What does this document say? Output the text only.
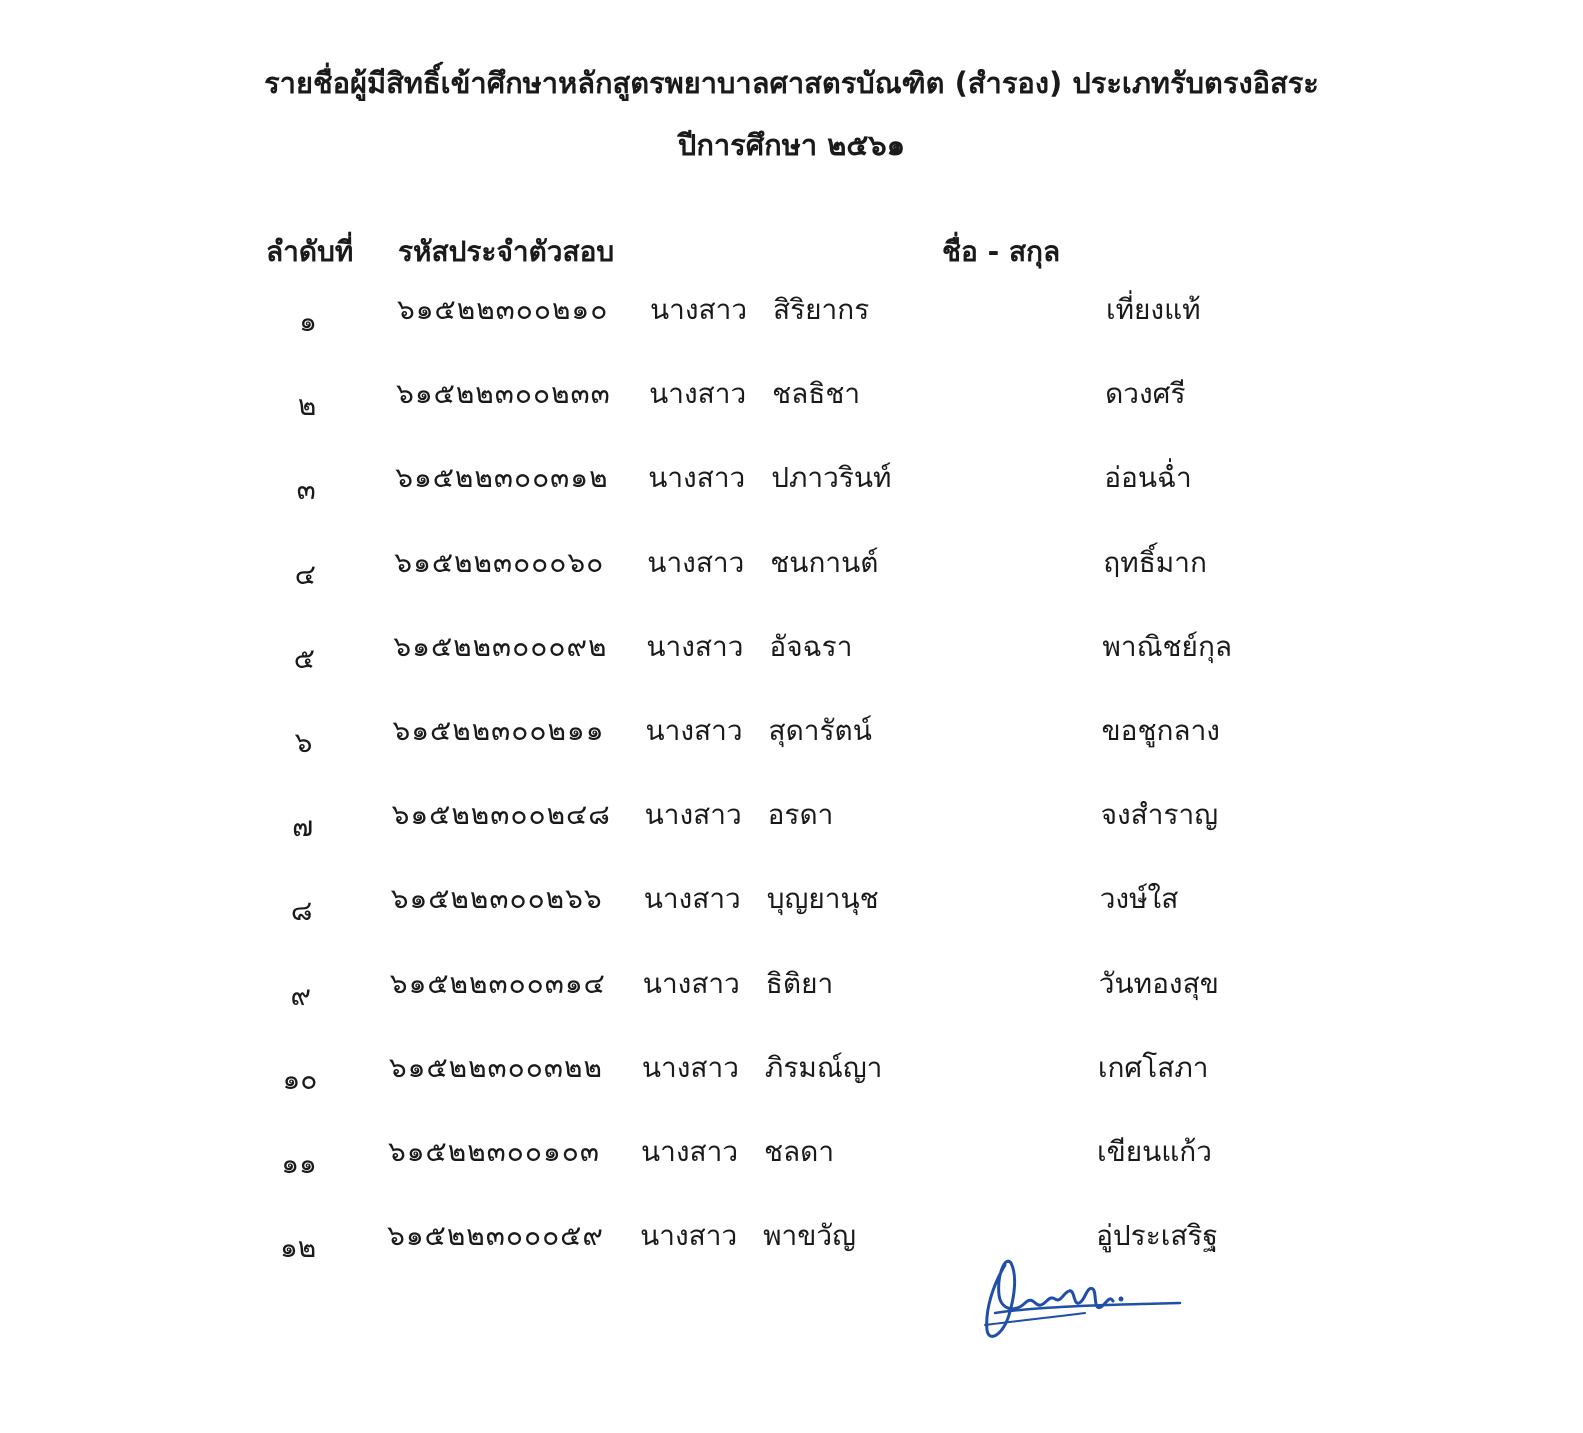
รายชื่อผู้มีสิทธิ์เข้าศึกษาหลักสูตรพยาบาลศาสตรบัณฑิต (สำรอง) ประเภทรับตรงอิสระ
ปีการศึกษา ๒๕๖๑
ลำดับที่ รหัสประจำตัวสอบ	ชื่อ - สกุล
๑	๖๑๕๒๒๓๐๐๒๑๐ นางสาว สิริยากร	เที่ยงแท้
๒	๖๑๕๒๒๓๐๐๒๓๓ นางสาว ชลธิชา	ดวงศรี
๓	๖๑๕๒๒๓๐๐๓๑๒ นางสาว ปภาวรินท์	อ่อนฉ่ำ
๔	๖๑๕๒๒๓๐๐๐๖๐ นางสาว ชนกานต์	ฤทธิ์มาก
๕	๖๑๕๒๒๓๐๐๐๙๒ นางสาว อัจฉรา	พาณิชย์กุล
๖	๖๑๕๒๒๓๐๐๒๑๑ นางสาว สุดารัตน์	ขอชูกลาง
๗	๖๑๕๒๒๓๐๐๒๔๘ นางสาว อรดา	จงสำราญ
๘	๖๑๕๒๒๓๐๐๒๖๖ นางสาว บุญยานุช	วงษ์ใส
๙	๖๑๕๒๒๓๐๐๓๑๔ นางสาว ธิติยา	วันทองสุข
๑๐	๖๑๕๒๒๓๐๐๓๒๒ นางสาว ภิรมณ์ญา	เกศโสภา
๑๑	๖๑๕๒๒๓๐๐๑๐๓ นางสาว ชลดา	เขียนแก้ว
๑๒	๖๑๕๒๒๓๐๐๐๕๙ นางสาว พาขวัญ	อู่ประเสริฐ
